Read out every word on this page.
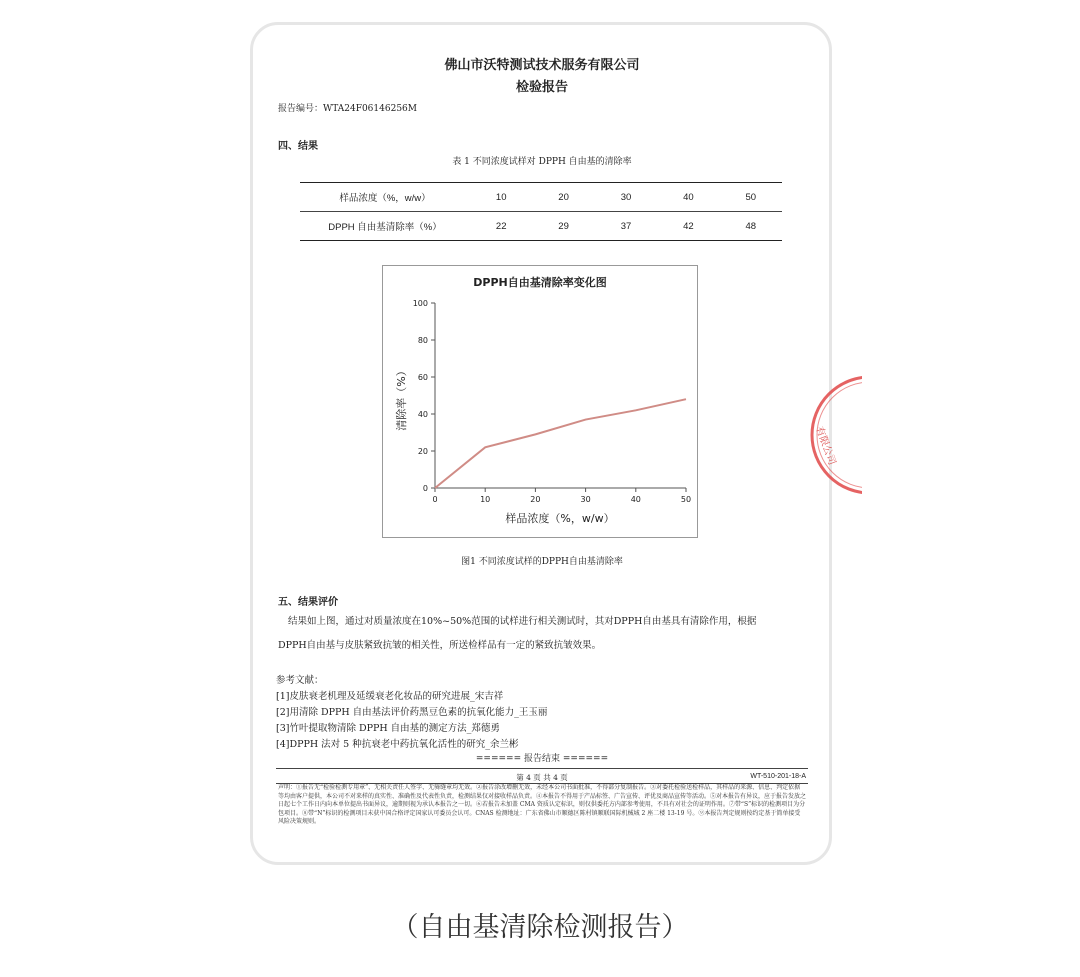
佛山市沃特测试技术服务有限公司
检验报告
报告编号：WTA24F06146256M
四、结果
表 1 不同浓度试样对 DPPH 自由基的清除率
样品浓度（%，w/w）	10	20	30	40	50
DPPH 自由基清除率（%）	22	29	37	42	48
DPPH自由基清除率变化图
样品浓度（%，w/w）
清除率（%）
0
20
40
60
80
100
0	10	20	30	40	50
图1 不同浓度试样的DPPH自由基清除率
五、结果评价
结果如上图，通过对质量浓度在10%~50%范围的试样进行相关测试时，其对DPPH自由基具有清除作用，根据
DPPH自由基与皮肤紧致抗皱的相关性，所送检样品有一定的紧致抗皱效果。
参考文献：
[1]皮肤衰老机理及延缓衰老化妆品的研究进展_宋吉祥
[2]用清除 DPPH 自由基法评价药黑豆色素的抗氧化能力_王玉丽
[3]竹叶提取物清除 DPPH 自由基的测定方法_郑德勇
[4]DPPH 法对 5 种抗衰老中药抗氧化活性的研究_余兰彬
====== 报告结束 ======
第 4 页 共 4 页	WT-510-201-18-A
声明：①报告无“检验检测专用章”、无相关责任人签字、无骑缝章均无效。②报告涂改增删无效，未经本公司书面批准，不得部分复制报告。③对委托检验送检样品，其样品的来源、信息、判定依据等均由客户提供，本公司不对来样的真实性、准确性及代表性负责，检测结果仅对接收样品负责。④本报告不得用于产品标签、广告宣传、评优及商品宣传等活动。⑤对本报告有异议，应于报告发放之日起七个工作日内向本单位提出书面异议，逾期则视为承认本报告之一切。⑥若报告未加盖 CMA 资质认定标识，则仅供委托方内部参考使用，不具有对社会的证明作用。⑦带“S”标识的检测项目为分包项目。⑧带“N”标识的检测项目未获中国合格评定国家认可委员会认可。CNAS 检测地址：广东省佛山市顺德区陈村镇顺联国际机械城 2 座二楼 13-19 号。⑨本报告判定规则按约定基于简单接受风险决策规则。
有限公司
（自由基清除检测报告）
